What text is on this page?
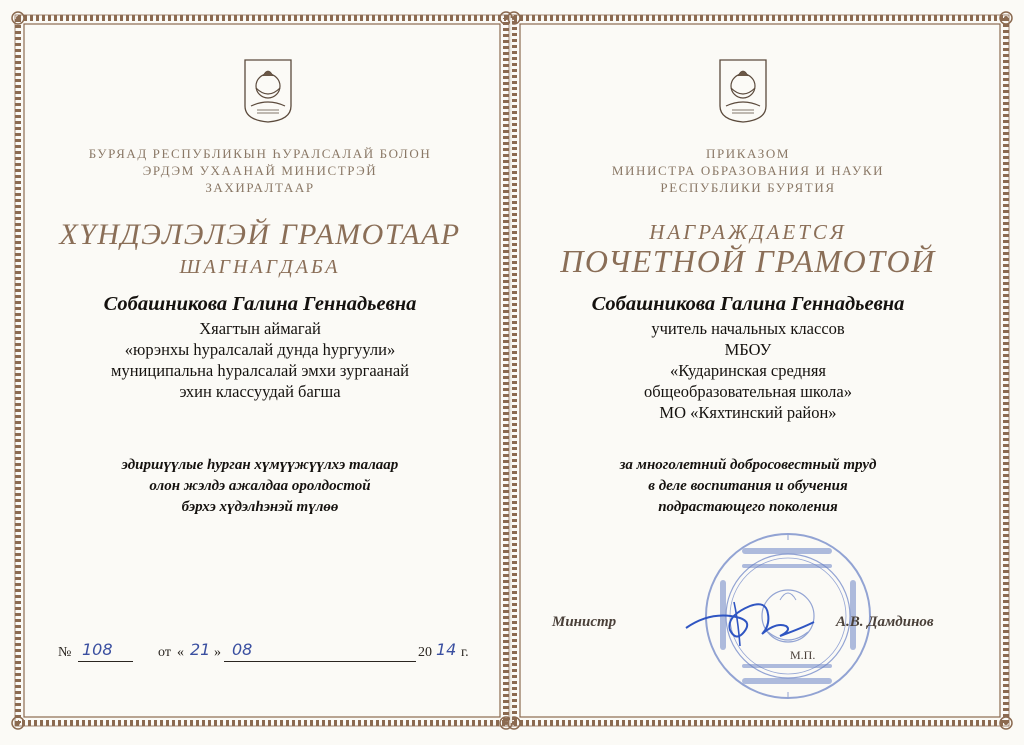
БУРЯАД РЕСПУБЛИКЫН ҺУРАЛСАЛАЙ БОЛОН
ЭРДЭМ УХААНАЙ МИНИСТРЭЙ
ЗАХИРАЛТААР
ХҮНДЭЛЭЛЭЙ ГРАМОТААР
ШАГНАГДАБА
Собашникова Галина Геннадьевна
Хяагтын аймагай
«юрэнхы һуралсалай дунда һургуули»
муниципальна һуралсалай эмхи зургаанай
эхин классуудай багша
эдиршүүлые һурган хүмүүжүүлхэ талаар
олон жэлдэ ажалдаа оролдостой
бэрхэ хүдэлһэнэй түлөө
№ 108	от « 21 » 08	20 14 г.
ПРИКАЗОМ
МИНИСТРА ОБРАЗОВАНИЯ И НАУКИ
РЕСПУБЛИКИ БУРЯТИЯ
НАГРАЖДАЕТСЯ
ПОЧЕТНОЙ ГРАМОТОЙ
Собашникова Галина Геннадьевна
учитель начальных классов
МБОУ
«Кударинская средняя
общеобразовательная школа»
МО «Кяхтинский район»
за многолетний добросовестный труд
в деле воспитания и обучения
подрастающего поколения
Министр	А.В. Дамдинов
М.П.
